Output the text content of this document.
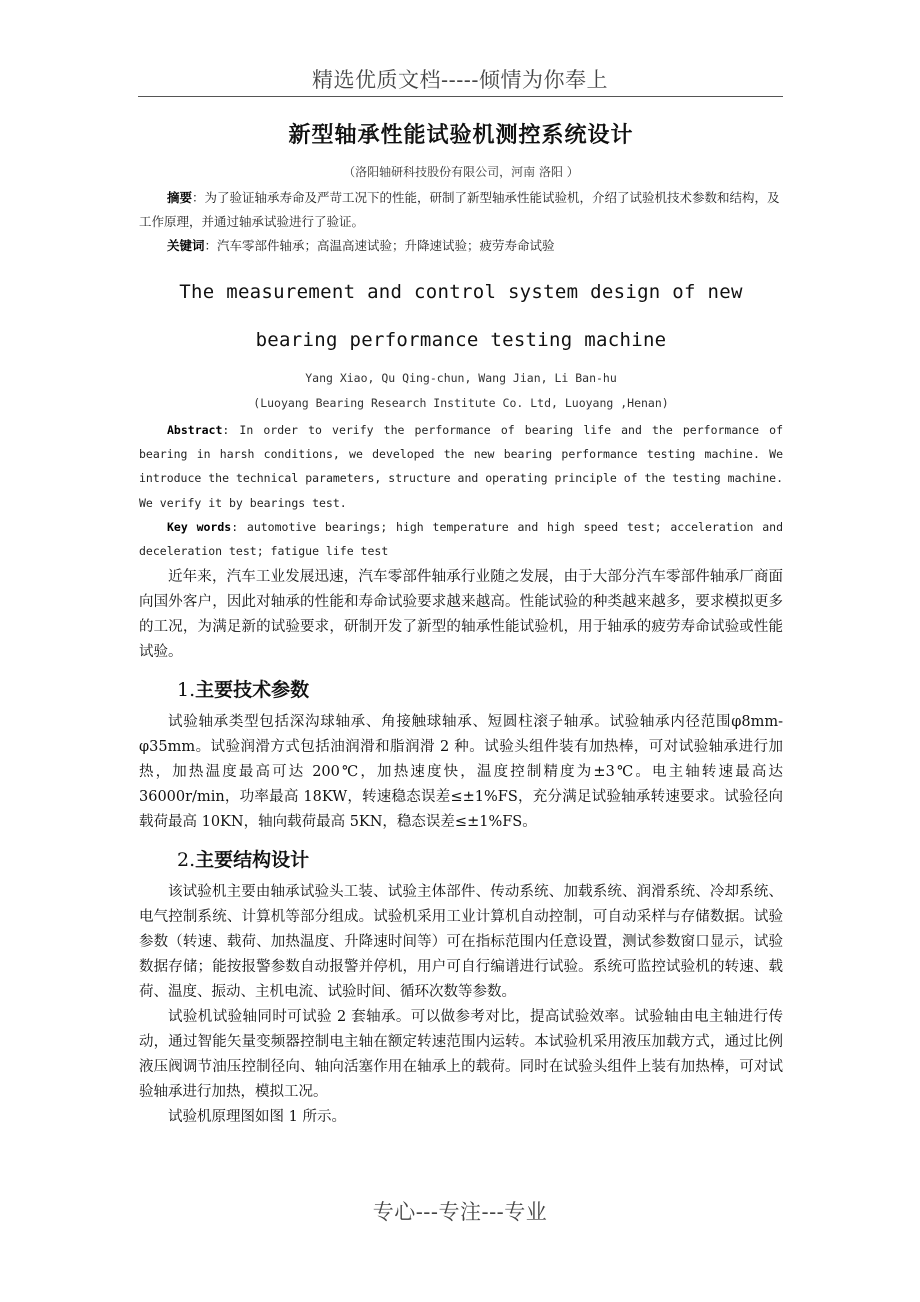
精选优质文档-----倾情为你奉上
新型轴承性能试验机测控系统设计
（洛阳轴研科技股份有限公司，河南 洛阳 ）

摘要：为了验证轴承寿命及严苛工况下的性能，研制了新型轴承性能试验机，介绍了试验机技术参数和结构，及工作原理，并通过轴承试验进行了验证。

关键词：汽车零部件轴承；高温高速试验；升降速试验；疲劳寿命试验

The measurement and control system design of new
bearing performance testing machine
Yang Xiao, Qu Qing-chun, Wang Jian, Li Ban-hu
(Luoyang Bearing Research Institute Co. Ltd, Luoyang ,Henan)

Abstract: In order to verify the performance of bearing life and the performance of bearing in harsh conditions, we developed the new bearing performance testing machine. We introduce the technical parameters, structure and operating principle of the testing machine. We verify it by bearings test.

Key words: automotive bearings; high temperature and high speed test; acceleration and deceleration test; fatigue life test

近年来，汽车工业发展迅速，汽车零部件轴承行业随之发展，由于大部分汽车零部件轴承厂商面向国外客户，因此对轴承的性能和寿命试验要求越来越高。性能试验的种类越来越多，要求模拟更多的工况，为满足新的试验要求，研制开发了新型的轴承性能试验机，用于轴承的疲劳寿命试验或性能试验。

1.主要技术参数

试验轴承类型包括深沟球轴承、角接触球轴承、短圆柱滚子轴承。试验轴承内径范围φ8mm-φ35mm。试验润滑方式包括油润滑和脂润滑 2 种。试验头组件装有加热棒，可对试验轴承进行加热，加热温度最高可达 200℃，加热速度快，温度控制精度为±3℃。电主轴转速最高达 36000r/min，功率最高 18KW，转速稳态误差≤±1%FS，充分满足试验轴承转速要求。试验径向载荷最高 10KN，轴向载荷最高 5KN，稳态误差≤±1%FS。

2.主要结构设计

该试验机主要由轴承试验头工装、试验主体部件、传动系统、加载系统、润滑系统、冷却系统、电气控制系统、计算机等部分组成。试验机采用工业计算机自动控制，可自动采样与存储数据。试验参数（转速、载荷、加热温度、升降速时间等）可在指标范围内任意设置，测试参数窗口显示，试验数据存储；能按报警参数自动报警并停机，用户可自行编谱进行试验。系统可监控试验机的转速、载荷、温度、振动、主机电流、试验时间、循环次数等参数。

试验机试验轴同时可试验 2 套轴承。可以做参考对比，提高试验效率。试验轴由电主轴进行传动，通过智能矢量变频器控制电主轴在额定转速范围内运转。本试验机采用液压加载方式，通过比例液压阀调节油压控制径向、轴向活塞作用在轴承上的载荷。同时在试验头组件上装有加热棒，可对试验轴承进行加热，模拟工况。

试验机原理图如图 1 所示。

专心---专注---专业
